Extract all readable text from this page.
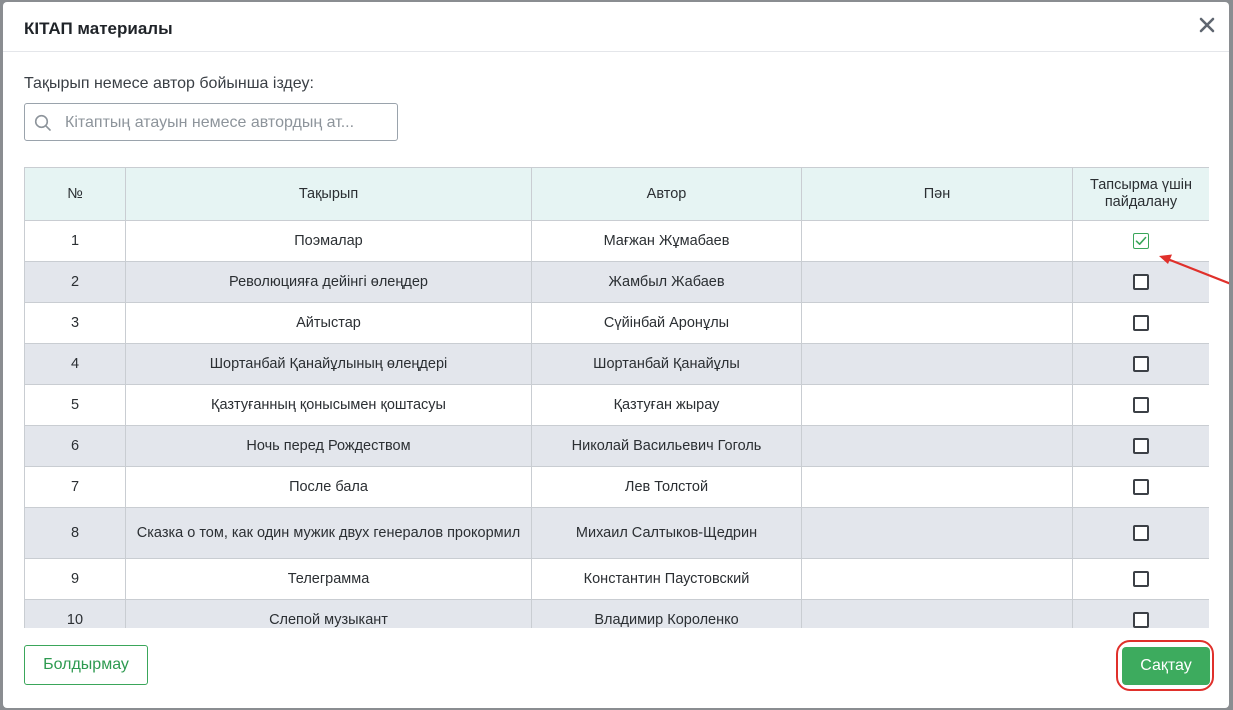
КІТАП материалы
Тақырып немесе автор бойынша іздеу:
Кітаптың атауын немесе автордың ат...
№	Тақырып	Автор	Пән	Тапсырма үшін пайдалану
1	Поэмалар	Мағжан Жұмабаев		

2	Революцияға дейінгі өлеңдер	Жамбыл Жабаев		
3	Айтыстар	Сүйінбай Аронұлы		
4	Шортанбай Қанайұлының өлеңдері	Шортанбай Қанайұлы		
5	Қазтуғанның қонысымен қоштасуы	Қазтуған жырау		
6	Ночь перед Рождеством	Николай Васильевич Гоголь		
7	После бала	Лев Толстой		
8	Сказка о том, как один мужик двух генералов прокормил	Михаил Салтыков-Щедрин		
9	Телеграмма	Константин Паустовский		
10	Слепой музыкант	Владимир Короленко		
Болдырмау	Сақтау
